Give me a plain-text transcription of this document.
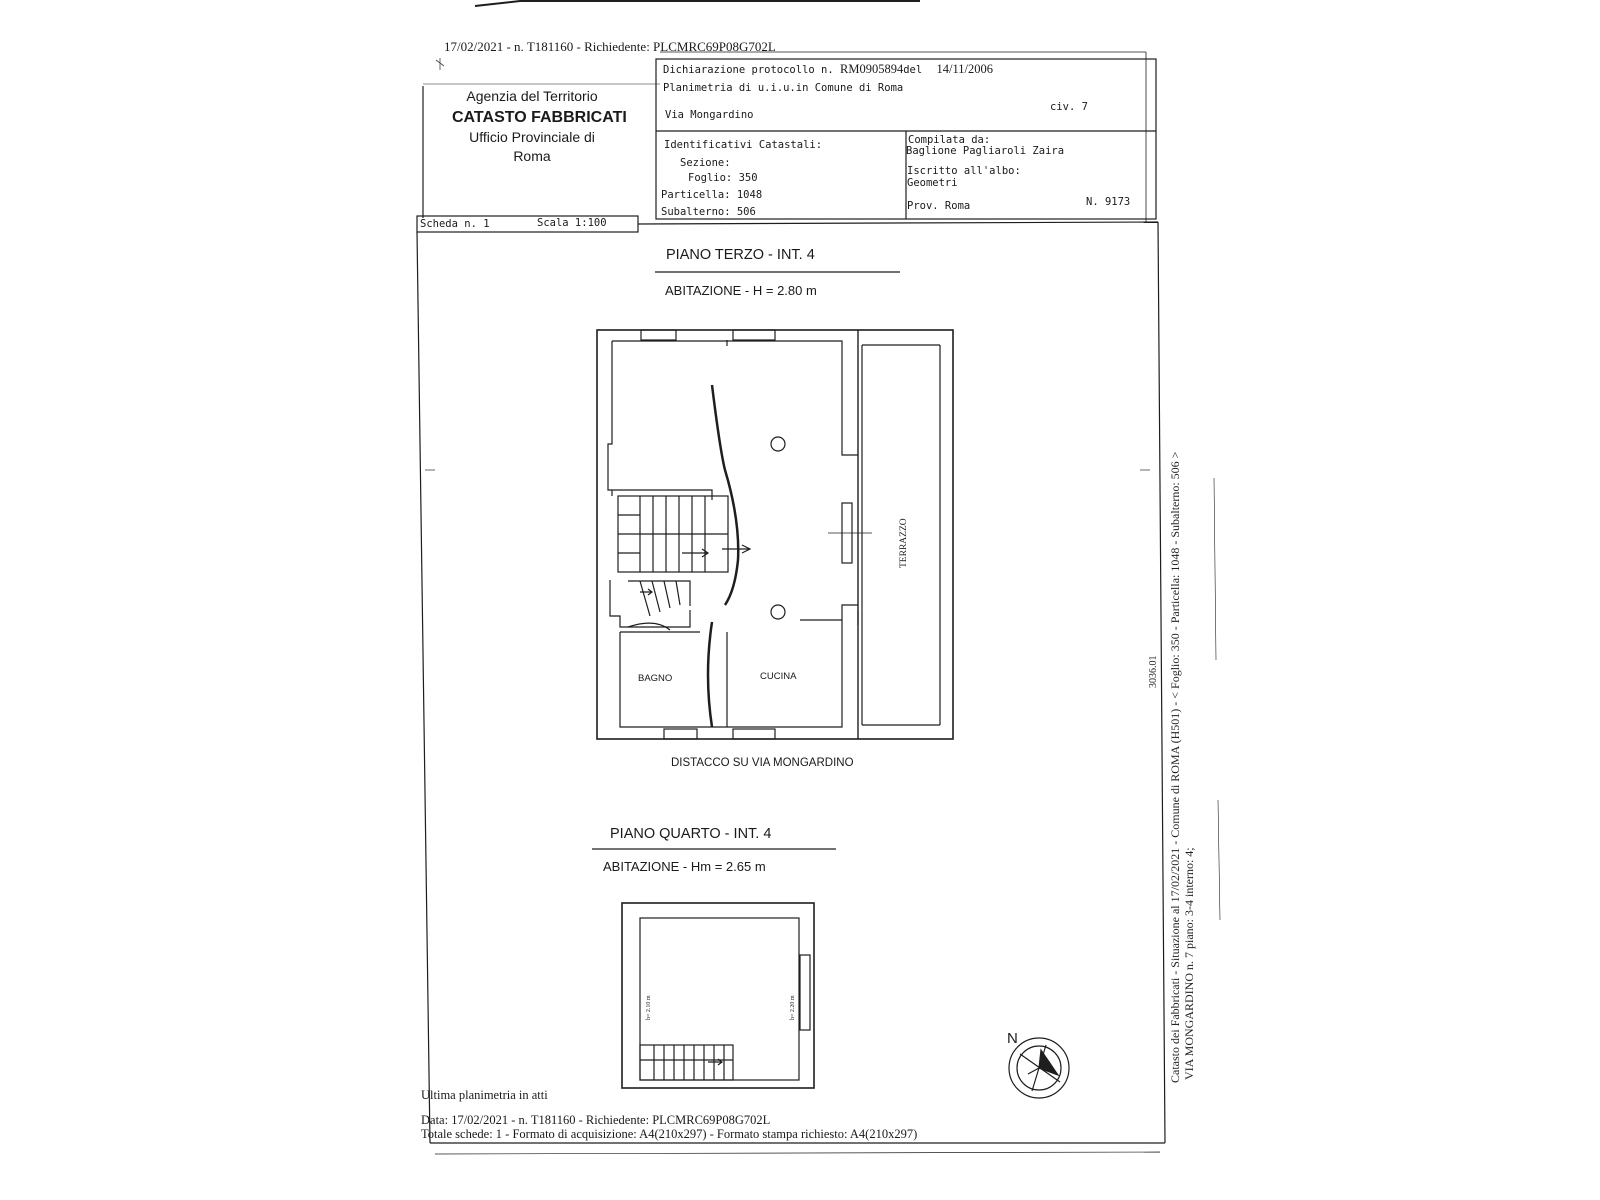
17/02/2021 - n. T181160 - Richiedente: PLCMRC69P08G702L
Agenzia del Territorio
CATASTO FABBRICATI
Ufficio Provinciale di
Roma
Dichiarazione protocollo n. RM0905894del 14/11/2006
Planimetria di u.i.u.in Comune di Roma
Via Mongardino
civ. 7
Identificativi Catastali:
Sezione:
Foglio: 350
Particella: 1048
Subalterno: 506
Compilata da:
Baglione Pagliaroli Zaira
Iscritto all'albo:
Geometri
Prov. Roma	N. 9173
Scheda n. 1	Scala 1:100
PIANO TERZO - INT. 4
ABITAZIONE - H = 2.80 m
BAGNO	CUCINA
TERRAZZO
DISTACCO SU VIA MONGARDINO
PIANO QUARTO - INT. 4
ABITAZIONE - Hm = 2.65 m
h= 2.10 m	h= 2.20 m
N
Ultima planimetria in atti
Data: 17/02/2021 - n. T181160 - Richiedente: PLCMRC69P08G702L
Totale schede: 1 - Formato di acquisizione: A4(210x297) - Formato stampa richiesto: A4(210x297)
Catasto dei Fabbricati - Situazione al 17/02/2021 - Comune di ROMA (H501) - < Foglio: 350 - Particella: 1048 - Subalterno: 506 > VIA MONGARDINO n. 7 piano: 3-4 interno: 4;
3036.01
